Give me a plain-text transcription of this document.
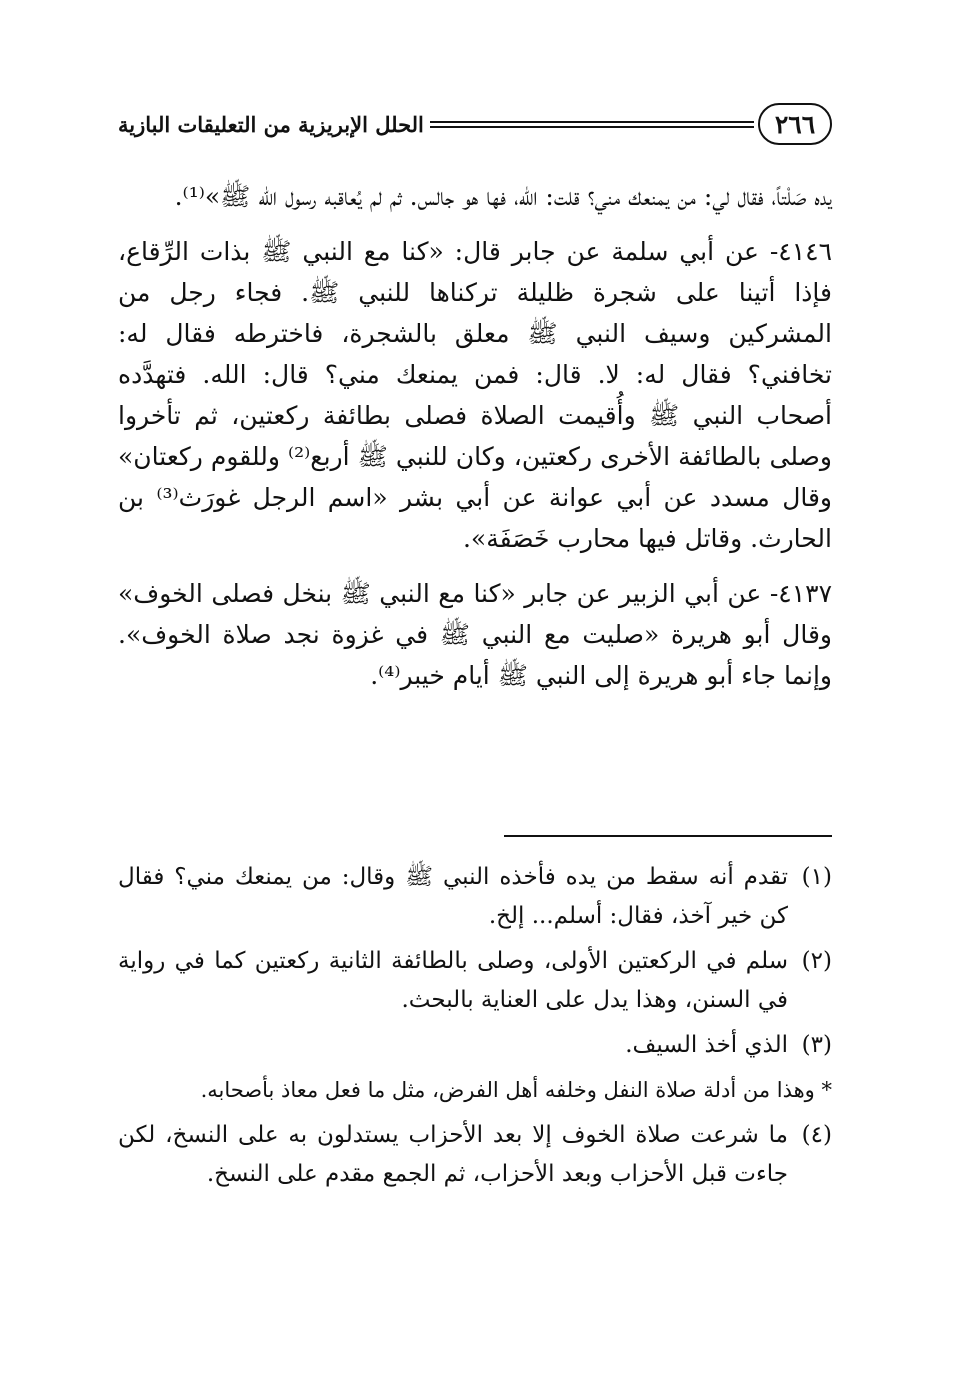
٢٦٦
الحلل الإبريزية من التعليقات البازية

يده صَلْتاً، فقال لي: من يمنعك مني؟ قلت: الله، فها هو جالس. ثم لم يُعاقبه رسول الله ﷺ»⁽¹⁾.

٤١٤٦- عن أبي سلمة عن جابر قال: «كنا مع النبي ﷺ بذات الرِّقاع، فإذا أتينا على شجرة ظليلة تركناها للنبي ﷺ. فجاء رجل من المشركين وسيف النبي ﷺ معلق بالشجرة، فاخترطه فقال له: تخافني؟ فقال له: لا. قال: فمن يمنعك مني؟ قال: الله. فتهدَّده أصحاب النبي ﷺ وأُقيمت الصلاة فصلى بطائفة ركعتين، ثم تأخروا وصلى بالطائفة الأخرى ركعتين، وكان للنبي ﷺ أربع⁽²⁾ وللقوم ركعتان» وقال مسدد عن أبي عوانة عن أبي بشر «اسم الرجل غورَث⁽³⁾ بن الحارث. وقاتل فيها محارب خَصَفَة».

٤١٣٧- عن أبي الزبير عن جابر «كنا مع النبي ﷺ بنخل فصلى الخوف» وقال أبو هريرة «صليت مع النبي ﷺ في غزوة نجد صلاة الخوف». وإنما جاء أبو هريرة إلى النبي ﷺ أيام خيبر⁽⁴⁾.

(١)تقدم أنه سقط من يده فأخذه النبي ﷺ وقال: من يمنعك مني؟ فقال كن خير آخذ، فقال: أسلم... إلخ.
(٢)سلم في الركعتين الأولى، وصلى بالطائفة الثانية ركعتين كما في رواية في السنن، وهذا يدل على العناية بالبحث.
(٣)الذي أخذ السيف.
* وهذا من أدلة صلاة النفل وخلفه أهل الفرض، مثل ما فعل معاذ بأصحابه.
(٤)ما شرعت صلاة الخوف إلا بعد الأحزاب يستدلون به على النسخ، لكن جاءت قبل الأحزاب وبعد الأحزاب، ثم الجمع مقدم على النسخ.
